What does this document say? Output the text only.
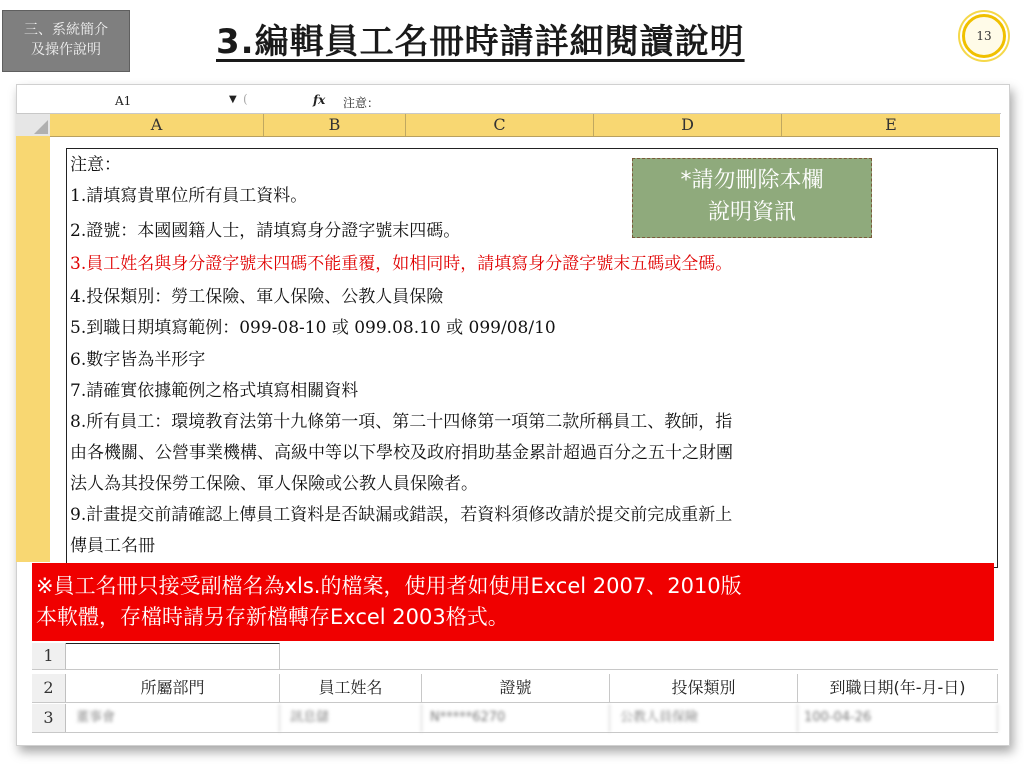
三、系統簡介
及操作說明	3.編輯員工名冊時請詳細閱讀說明	13
A1	▼ (	fx 注意：
A	B	C	D	E
注意：
1.請填寫貴單位所有員工資料。
2.證號：本國國籍人士，請填寫身分證字號末四碼。
3.員工姓名與身分證字號末四碼不能重覆，如相同時，請填寫身分證字號末五碼或全碼。
4.投保類別：勞工保險、軍人保險、公教人員保險
5.到職日期填寫範例：099-08-10 或 099.08.10 或 099/08/10
6.數字皆為半形字
7.請確實依據範例之格式填寫相關資料
8.所有員工：環境教育法第十九條第一項、第二十四條第一項第二款所稱員工、教師，指
由各機關、公營事業機構、高級中等以下學校及政府捐助基金累計超過百分之五十之財團
法人為其投保勞工保險、軍人保險或公教人員保險者。
9.計畫提交前請確認上傳員工資料是否缺漏或錯誤，若資料須修改請於提交前完成重新上
傳員工名冊
*請勿刪除本欄
說明資訊
※員工名冊只接受副檔名為xls.的檔案，使用者如使用Excel 2007、2010版
本軟體，存檔時請另存新檔轉存Excel 2003格式。
1
2	所屬部門	員工姓名	證號	投保類別	到職日期(年-月-日)
3	董事會	訊息儲	N*****6270	公教人員保險	100-04-26
